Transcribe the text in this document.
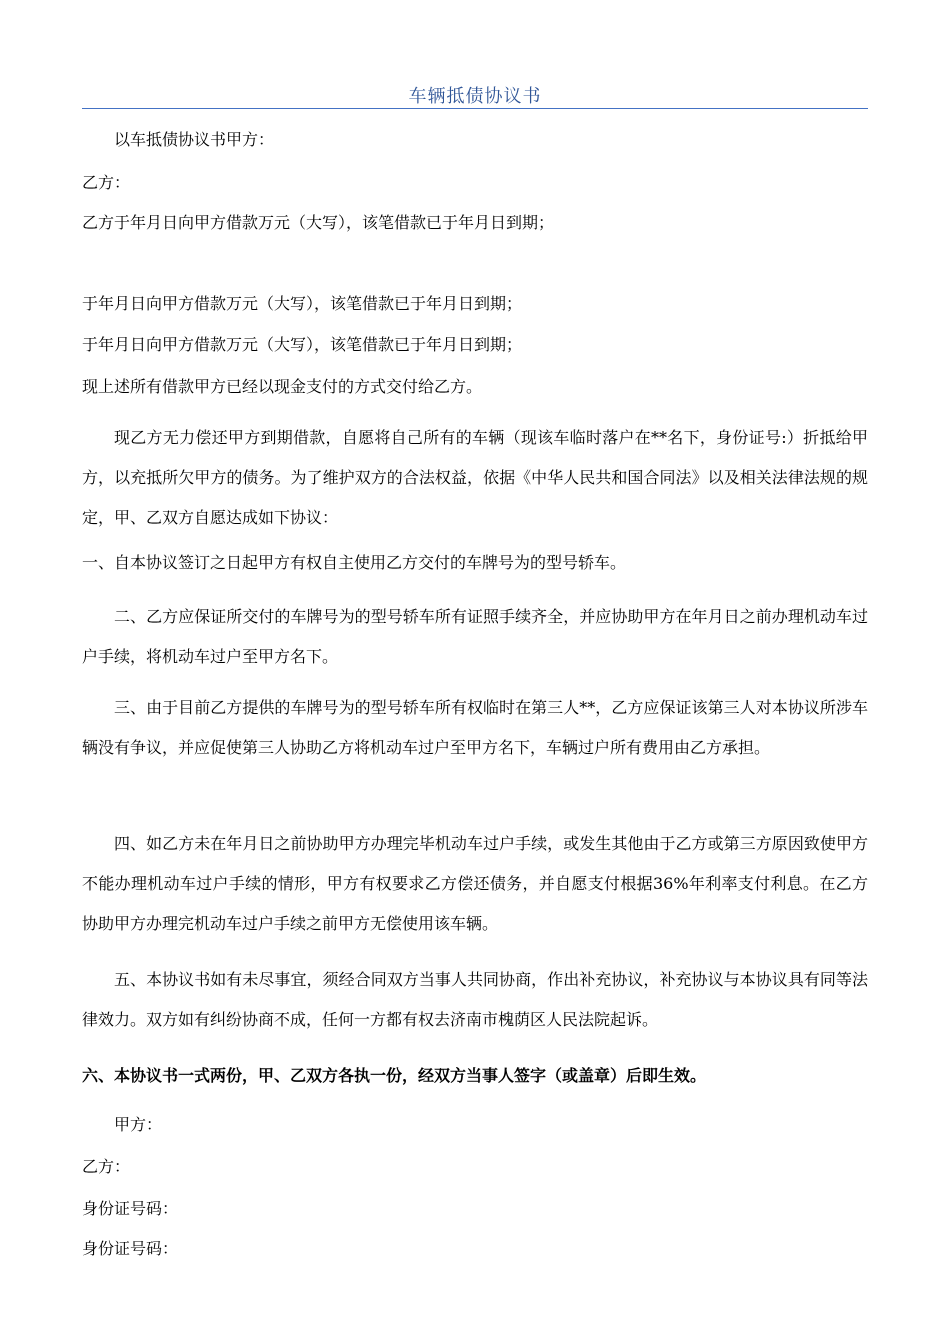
车辆抵债协议书
以车抵债协议书甲方：
乙方：
乙方于年月日向甲方借款万元（大写），该笔借款已于年月日到期；
于年月日向甲方借款万元（大写），该笔借款已于年月日到期；
于年月日向甲方借款万元（大写），该笔借款已于年月日到期；
现上述所有借款甲方已经以现金支付的方式交付给乙方。
现乙方无力偿还甲方到期借款，自愿将自己所有的车辆（现该车临时落户在**名下，身份证号:）折抵给甲方，以充抵所欠甲方的债务。为了维护双方的合法权益，依据《中华人民共和国合同法》以及相关法律法规的规定，甲、乙双方自愿达成如下协议：
一、自本协议签订之日起甲方有权自主使用乙方交付的车牌号为的型号轿车。
二、乙方应保证所交付的车牌号为的型号轿车所有证照手续齐全，并应协助甲方在年月日之前办理机动车过户手续，将机动车过户至甲方名下。
三、由于目前乙方提供的车牌号为的型号轿车所有权临时在第三人**，乙方应保证该第三人对本协议所涉车辆没有争议，并应促使第三人协助乙方将机动车过户至甲方名下，车辆过户所有费用由乙方承担。
四、如乙方未在年月日之前协助甲方办理完毕机动车过户手续，或发生其他由于乙方或第三方原因致使甲方不能办理机动车过户手续的情形，甲方有权要求乙方偿还债务，并自愿支付根据36%年利率支付利息。在乙方协助甲方办理完机动车过户手续之前甲方无偿使用该车辆。
五、本协议书如有未尽事宜，须经合同双方当事人共同协商，作出补充协议，补充协议与本协议具有同等法律效力。双方如有纠纷协商不成，任何一方都有权去济南市槐荫区人民法院起诉。
六、本协议书一式两份，甲、乙双方各执一份，经双方当事人签字（或盖章）后即生效。
甲方：
乙方：
身份证号码：
身份证号码：
